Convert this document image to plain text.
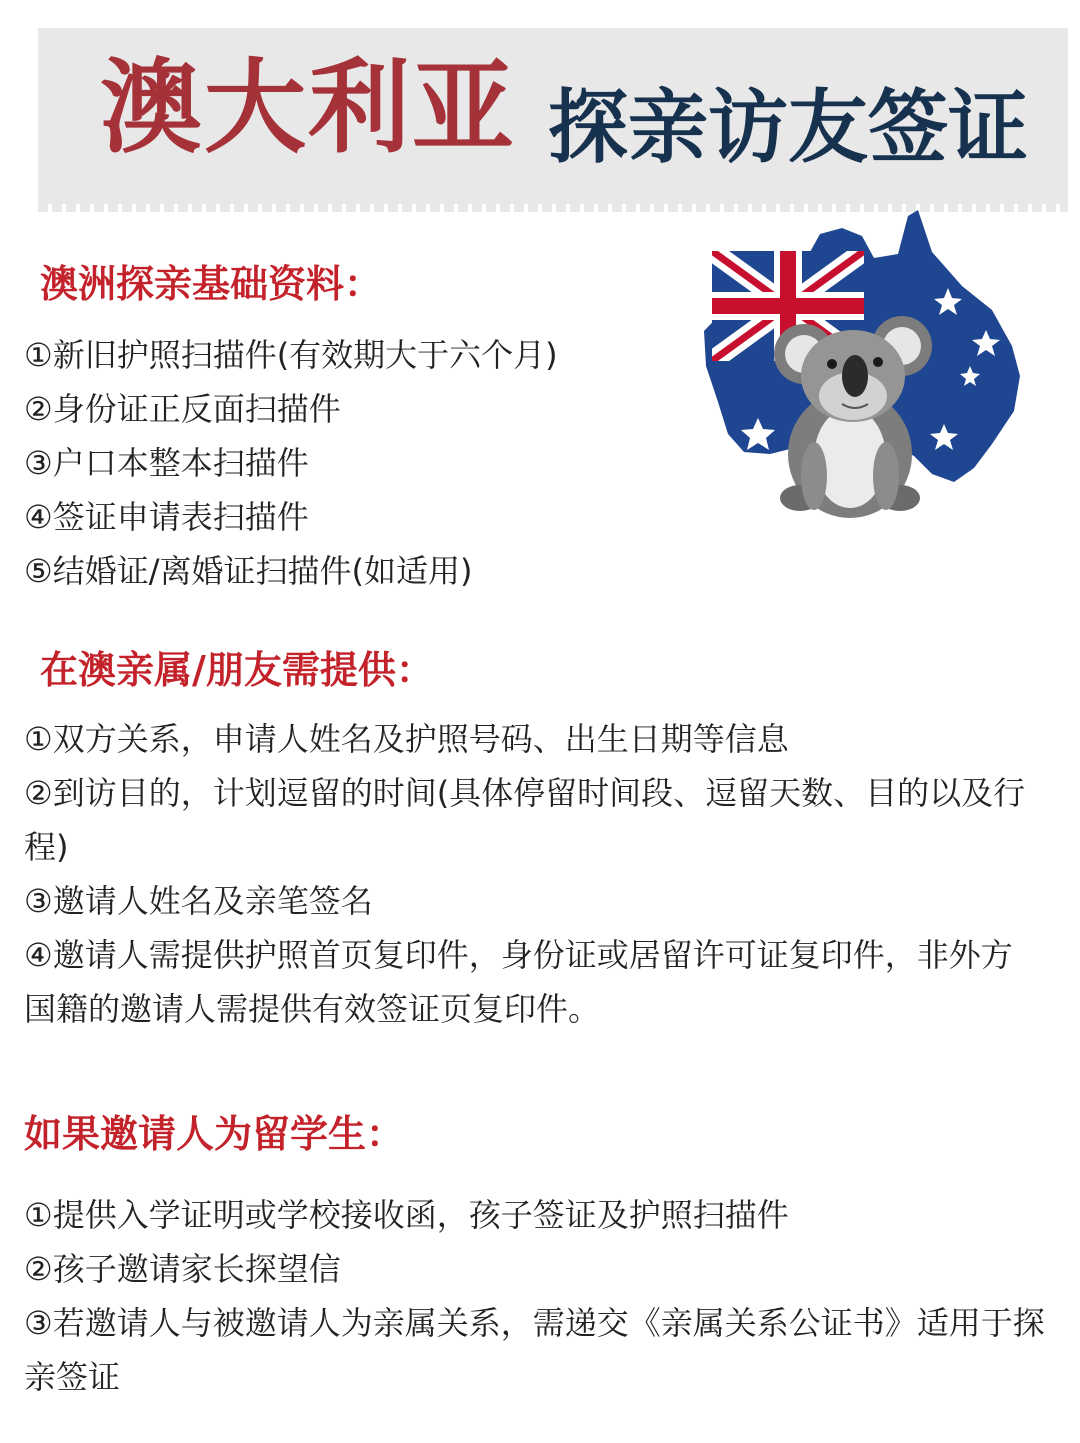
澳大利亚 探亲访友签证
澳洲探亲基础资料：
①新旧护照扫描件(有效期大于六个月)
②身份证正反面扫描件
③户口本整本扫描件
④签证申请表扫描件
⑤结婚证/离婚证扫描件(如适用)
在澳亲属/朋友需提供：
①双方关系，申请人姓名及护照号码、出生日期等信息
②到访目的，计划逗留的时间(具体停留时间段、逗留天数、目的以及行程)
③邀请人姓名及亲笔签名
④邀请人需提供护照首页复印件，身份证或居留许可证复印件，非外方
国籍的邀请人需提供有效签证页复印件。
如果邀请人为留学生：
①提供入学证明或学校接收函，孩子签证及护照扫描件
②孩子邀请家长探望信
③若邀请人与被邀请人为亲属关系，需递交《亲属关系公证书》适用于探亲签证
